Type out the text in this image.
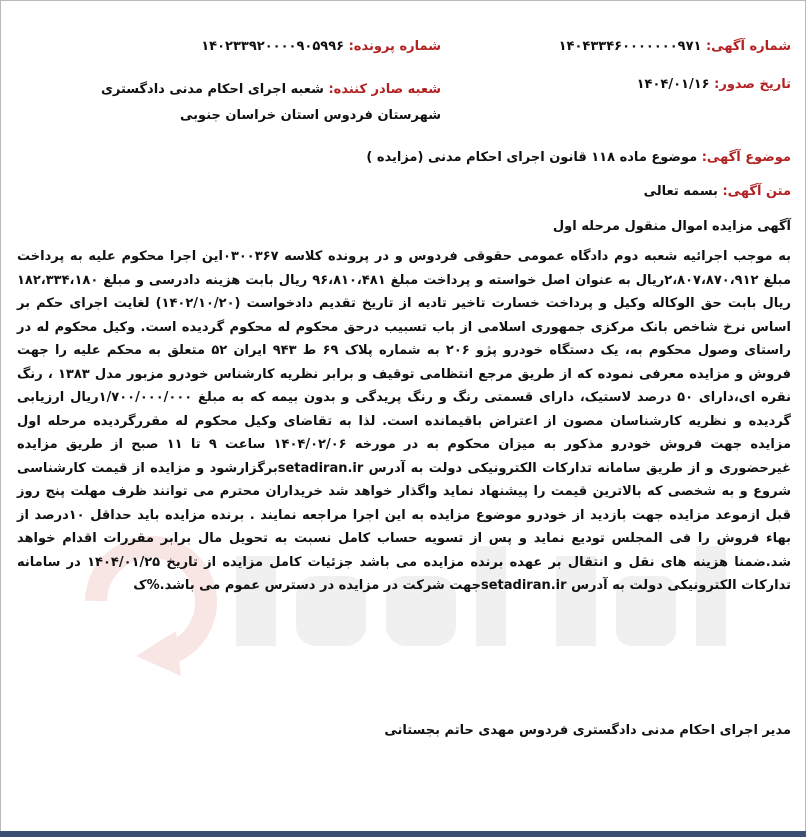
شماره آگهی: ۱۴۰۴۳۳۴۶۰۰۰۰۰۰۰۹۷۱
شماره پرونده: ۱۴۰۲۳۳۹۲۰۰۰۰۹۰۵۹۹۶
تاریخ صدور: ۱۴۰۴/۰۱/۱۶
شعبه صادر کننده: شعبه اجرای احکام مدنی دادگستری شهرستان فردوس استان خراسان جنوبی
موضوع آگهی: موضوع ماده ۱۱۸ قانون اجرای احکام مدنی (مزایده )
متن آگهی: بسمه تعالی
آگهی مزایده اموال منقول مرحله اول
به موجب اجرائیه شعبه دوم دادگاه عمومی حقوقی فردوس و در پرونده کلاسه ۰۳۰۰۳۶۷این اجرا محکوم علیه به پرداخت مبلغ ۲،۸۰۷،۸۷۰،۹۱۲ریال به عنوان اصل خواسته و پرداخت مبلغ ۹۶،۸۱۰،۴۸۱ ریال بابت هزینه دادرسی و مبلغ ۱۸۲،۳۳۴،۱۸۰ ریال بابت حق الوکاله وکیل و پرداخت خسارت تاخیر تادیه از تاریخ تقدیم دادخواست (۱۴۰۲/۱۰/۲۰) لغایت اجرای حکم بر اساس نرخ شاخص بانک مرکزی جمهوری اسلامی از باب تسبیب درحق محکوم له محکوم گردیده است. وکیل محکوم له در راستای وصول محکوم به، یک دستگاه خودرو پژو ۲۰۶ به شماره پلاک ۶۹ ط ۹۴۳ ایران ۵۲ متعلق به محکم علیه را جهت فروش و مزایده معرفی نموده که از طریق مرجع انتظامی توقیف و برابر نظریه کارشناس خودرو مزبور مدل ۱۳۸۳ ، رنگ نقره ای،دارای ۵۰ درصد لاستیک، دارای قسمتی رنگ و رنگ پریدگی و بدون بیمه که به مبلغ ۱/۷۰۰/۰۰۰/۰۰۰ریال ارزیابی گردیده و نظریه کارشناسان مصون از اعتراض باقیمانده است. لذا به تقاضای وکیل محکوم له مقررگردیده مرحله اول مزایده جهت فروش خودرو مذکور به میزان محکوم به در مورخه ۱۴۰۴/۰۲/۰۶ ساعت ۹ تا ۱۱ صبح از طریق مزایده غیرحضوری و از طریق سامانه تدارکات الکترونیکی دولت به آدرس setadiran.irبرگزارشود و مزایده از قیمت کارشناسی شروع و به شخصی که بالاترین قیمت را پیشنهاد نماید واگذار خواهد شد خریداران محترم می توانند ظرف مهلت پنج روز قبل ازموعد مزایده جهت بازدید از خودرو موضوع مزایده به این اجرا مراجعه نمایند . برنده مزایده باید حداقل ۱۰درصد از بهاء فروش را فی المجلس تودیع نماید و پس از تسویه حساب کامل نسبت به تحویل مال برابر مقررات اقدام خواهد شد.ضمنا هزینه های نقل و انتقال بر عهده برنده مزایده می باشد جزئیات کامل مزایده از تاریخ ۱۴۰۴/۰۱/۲۵ در سامانه تدارکات الکترونیکی دولت به آدرس setadiran.irجهت شرکت در مزایده در دسترس عموم می باشد.%ک
مدیر اجرای احکام مدنی دادگستری فردوس مهدی حاتم بجستانی
